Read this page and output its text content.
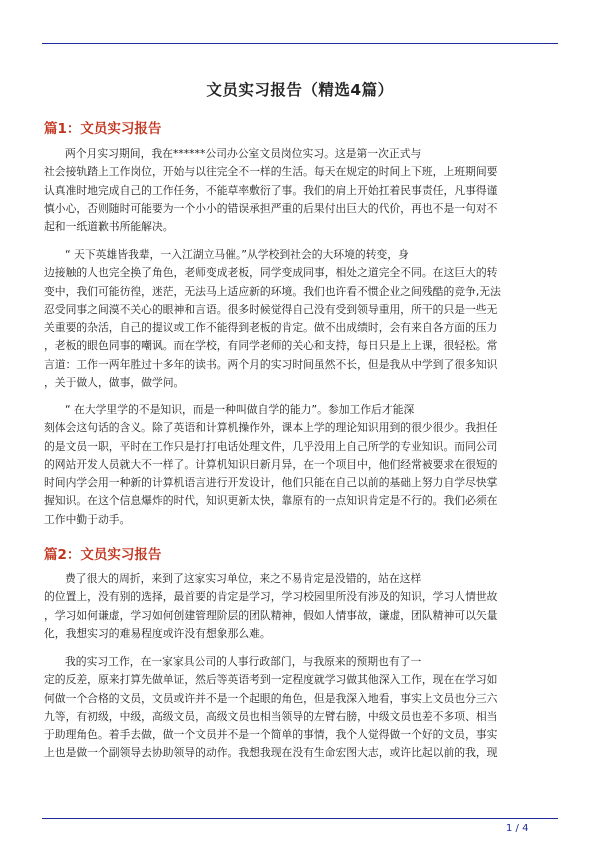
文员实习报告（精选4篇）
篇1：文员实习报告
两个月实习期间，我在******公司办公室文员岗位实习。这是第一次正式与
社会接轨踏上工作岗位，开始与以往完全不一样的生活。每天在规定的时间上下班，上班期间要
认真准时地完成自己的工作任务，不能草率敷衍了事。我们的肩上开始扛着民事责任，凡事得谨
慎小心，否则随时可能要为一个小小的错误承担严重的后果付出巨大的代价，再也不是一句对不
起和一纸道歉书所能解决。
“ 天下英雄皆我辈，一入江湖立马催。”从学校到社会的大环境的转变，身
边接触的人也完全换了角色，老师变成老板，同学变成同事，相处之道完全不同。在这巨大的转
变中，我们可能彷徨，迷茫，无法马上适应新的环境。我们也许看不惯企业之间残酷的竞争,无法
忍受同事之间漠不关心的眼神和言语。很多时候觉得自己没有受到领导重用，所干的只是一些无
关重要的杂活，自己的提议或工作不能得到老板的肯定。做不出成绩时，会有来自各方面的压力
，老板的眼色同事的嘲讽。而在学校，有同学老师的关心和支持，每日只是上上课，很轻松。常
言道：工作一两年胜过十多年的读书。两个月的实习时间虽然不长，但是我从中学到了很多知识
，关于做人，做事，做学问。
“ 在大学里学的不是知识，而是一种叫做自学的能力”。参加工作后才能深
刻体会这句话的含义。除了英语和计算机操作外，课本上学的理论知识用到的很少很少。我担任
的是文员一职，平时在工作只是打打电话处理文件，几乎没用上自己所学的专业知识。而同公司
的网站开发人员就大不一样了。计算机知识日新月异，在一个项目中，他们经常被要求在很短的
时间内学会用一种新的计算机语言进行开发设计，他们只能在自己以前的基础上努力自学尽快掌
握知识。在这个信息爆炸的时代，知识更新太快，靠原有的一点知识肯定是不行的。我们必须在
工作中勤于动手。
篇2：文员实习报告
费了很大的周折，来到了这家实习单位，来之不易肯定是没错的，站在这样
的位置上，没有别的选择，最首要的肯定是学习，学习校园里所没有涉及的知识，学习人情世故
，学习如何谦虚，学习如何创建管理阶层的团队精神，假如人情事故，谦虚，团队精神可以矢量
化，我想实习的难易程度或许没有想象那么难。
我的实习工作，在一家家具公司的人事行政部门，与我原来的预期也有了一
定的反差，原来打算先做单证，然后等英语考到一定程度就学习做其他深入工作，现在在学习如
何做一个合格的文员，文员或许并不是一个起眼的角色，但是我深入地看，事实上文员也分三六
九等，有初级，中级，高级文员，高级文员也相当领导的左臂右膀，中级文员也差不多项、相当
于助理角色。着手去做，做一个文员并不是一个简单的事情，我个人觉得做一个好的文员，事实
上也是做一个副领导去协助领导的动作。我想我现在没有生命宏图大志，或许比起以前的我，现
1 / 4
